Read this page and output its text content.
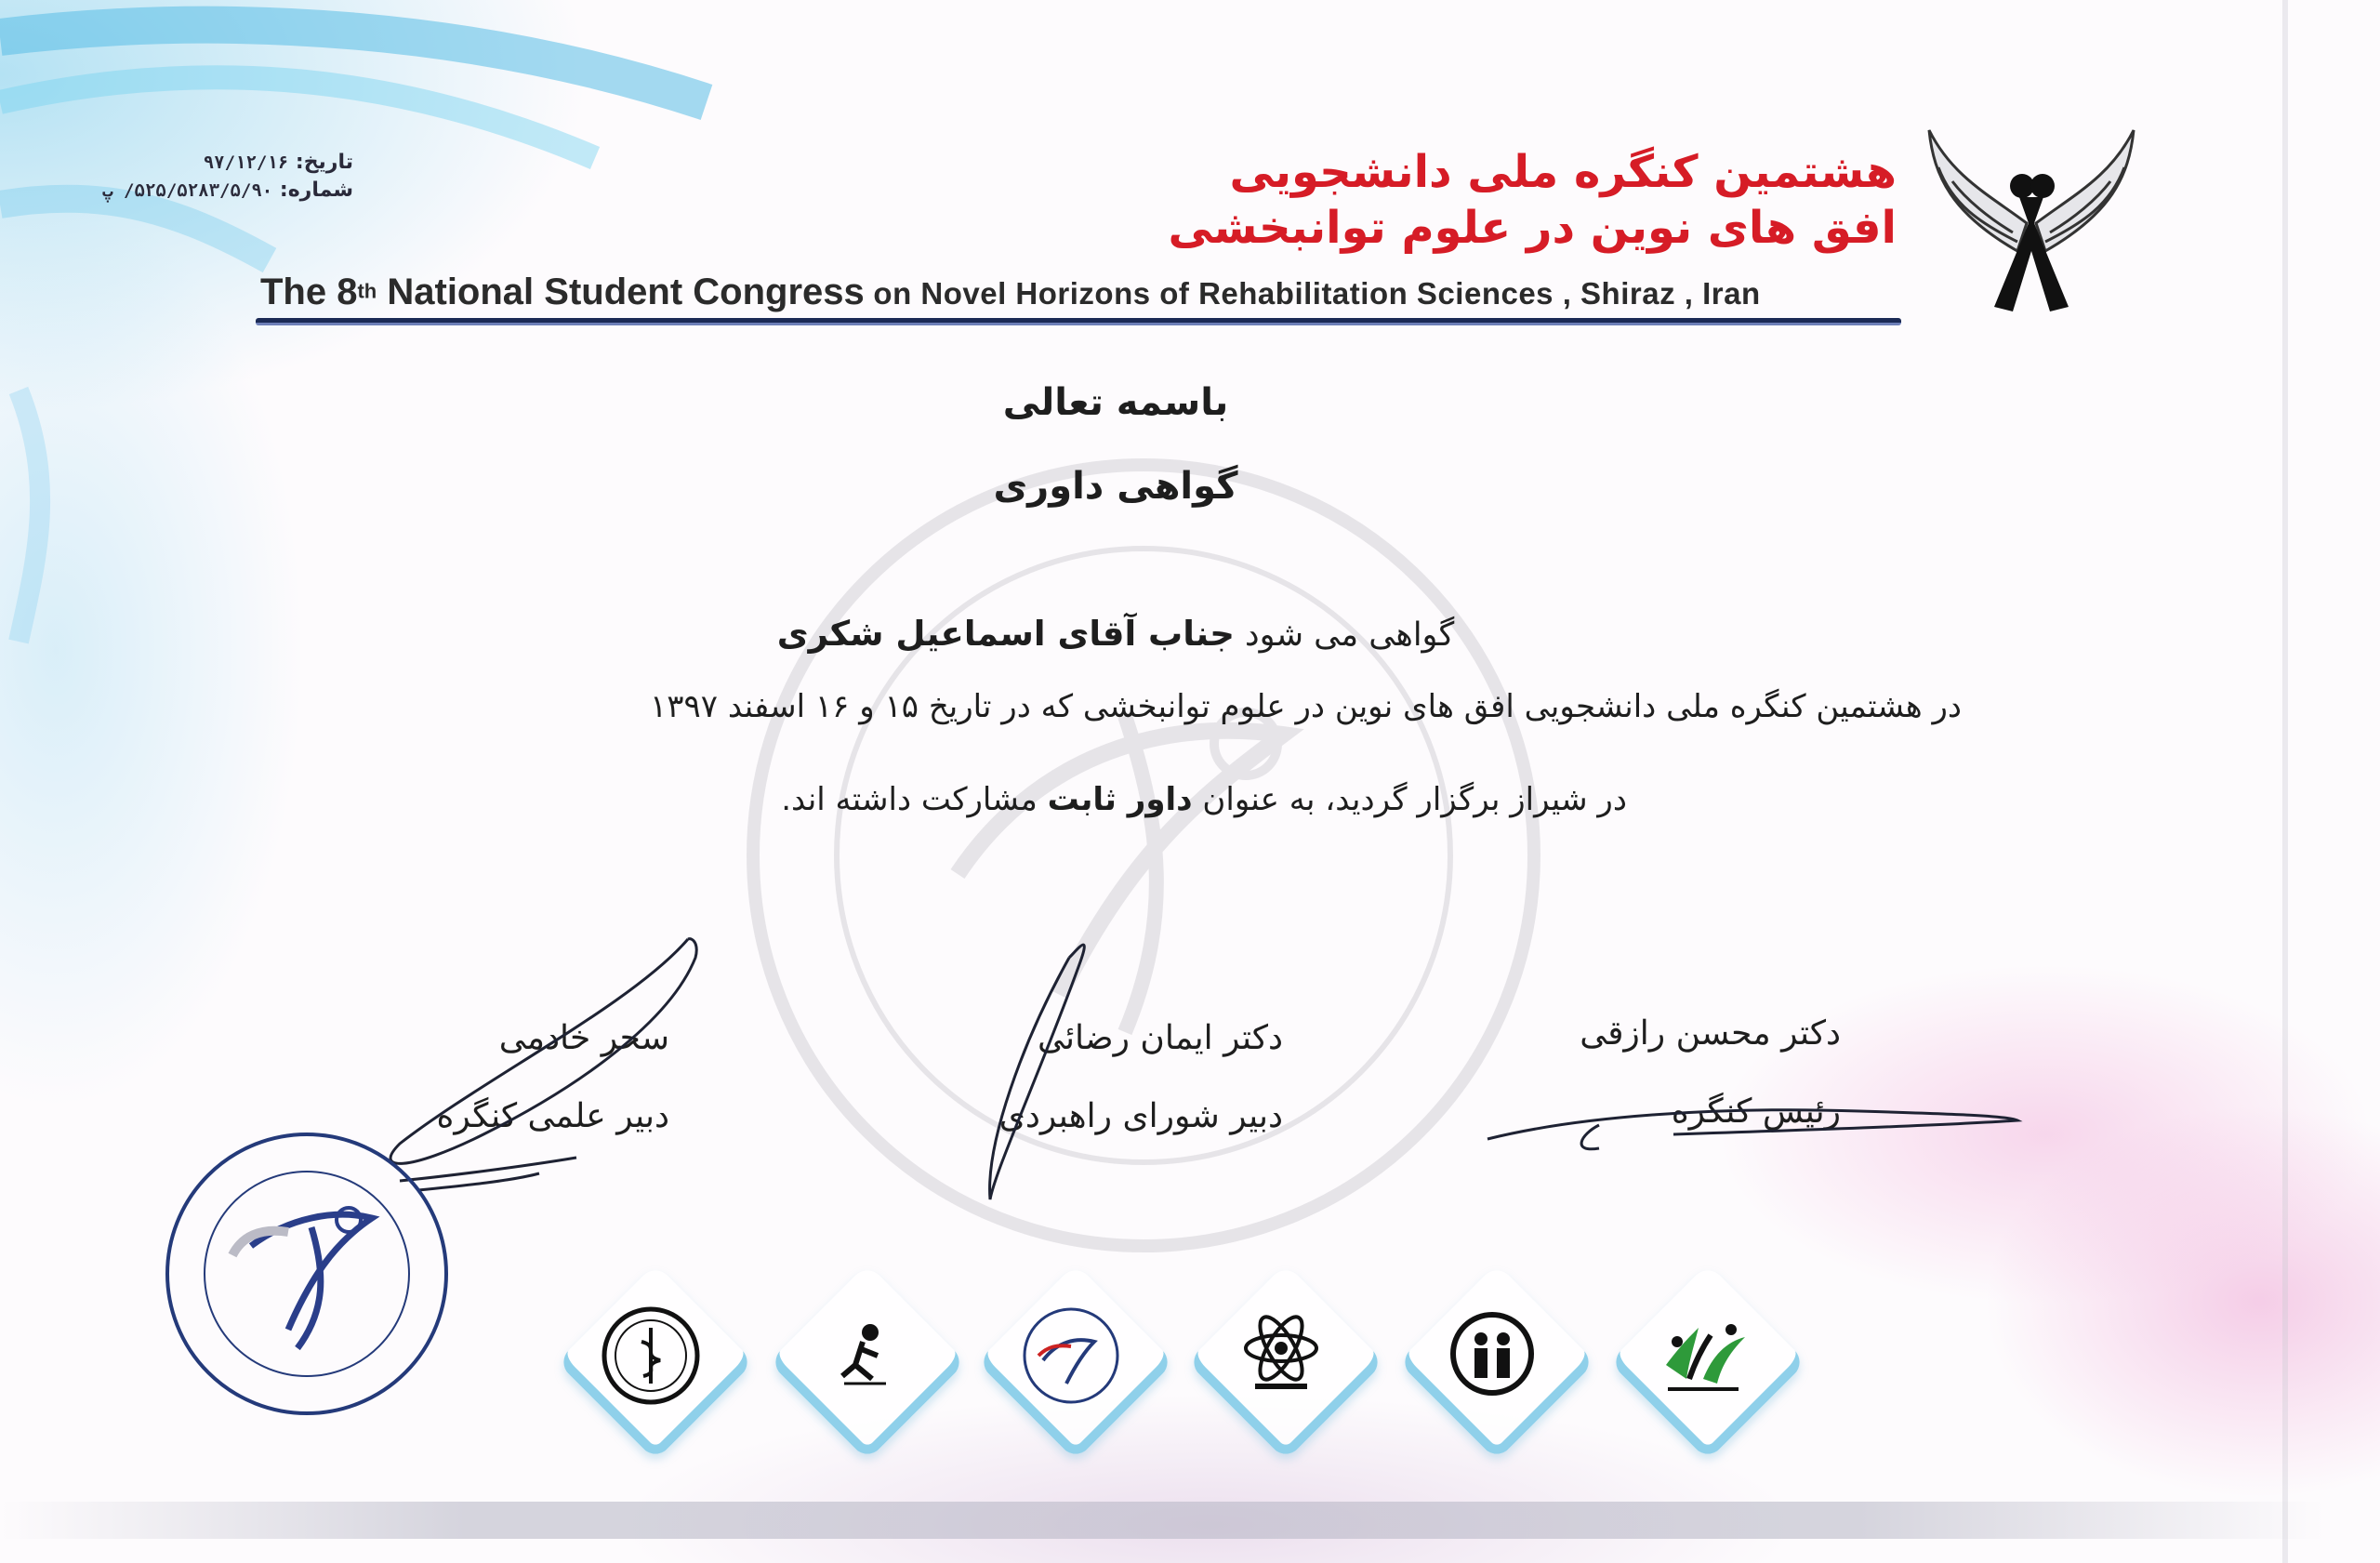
تاریخ: ۹۷/۱۲/۱۶
شماره: ۵۲۵/۵۲۸۳/۵/۹۰/ پ	هشتمین کنگره ملی دانشجویی
افق های نوین در علوم توانبخشی
The 8th National Student Congress on Novel Horizons of Rehabilitation Sciences , Shiraz , Iran
باسمه تعالی
گواهی داوری
گواهی می شود جناب آقای اسماعیل شکری
در هشتمین کنگره ملی دانشجویی افق های نوین در علوم توانبخشی که در تاریخ ۱۵ و ۱۶ اسفند ۱۳۹۷
در شیراز برگزار گردید، به عنوان داور ثابت مشارکت داشته اند.
دکتر محسن رازقی
رئیس کنگره
دکتر ایمان رضائی
دبیر شورای راهبردی
سحر خادمی
دبیر علمی کنگره
